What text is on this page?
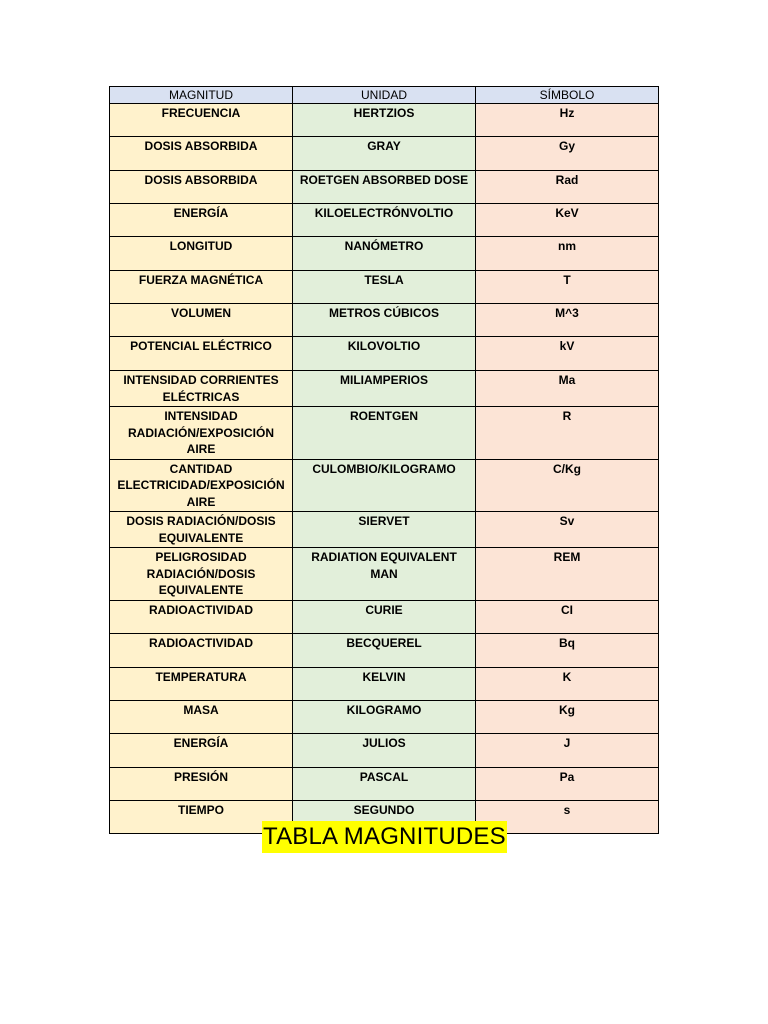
MAGNITUD	UNIDAD	SÍMBOLO
FRECUENCIA	HERTZIOS	Hz
DOSIS ABSORBIDA	GRAY	Gy
DOSIS ABSORBIDA	ROETGEN ABSORBED DOSE	Rad
ENERGÍA	KILOELECTRÓNVOLTIO	KeV
LONGITUD	NANÓMETRO	nm
FUERZA MAGNÉTICA	TESLA	T
VOLUMEN	METROS CÚBICOS	M^3
POTENCIAL ELÉCTRICO	KILOVOLTIO	kV
INTENSIDAD CORRIENTES ELÉCTRICAS	MILIAMPERIOS	Ma
INTENSIDAD RADIACIÓN/EXPOSICIÓN AIRE	ROENTGEN	R
CANTIDAD ELECTRICIDAD/EXPOSICIÓN AIRE	CULOMBIO/KILOGRAMO	C/Kg
DOSIS RADIACIÓN/DOSIS EQUIVALENTE	SIERVET	Sv
PELIGROSIDAD RADIACIÓN/DOSIS EQUIVALENTE	RADIATION EQUIVALENT MAN	REM
RADIOACTIVIDAD	CURIE	CI
RADIOACTIVIDAD	BECQUEREL	Bq
TEMPERATURA	KELVIN	K
MASA	KILOGRAMO	Kg
ENERGÍA	JULIOS	J
PRESIÓN	PASCAL	Pa
TIEMPO	SEGUNDO	s
TABLA MAGNITUDES
